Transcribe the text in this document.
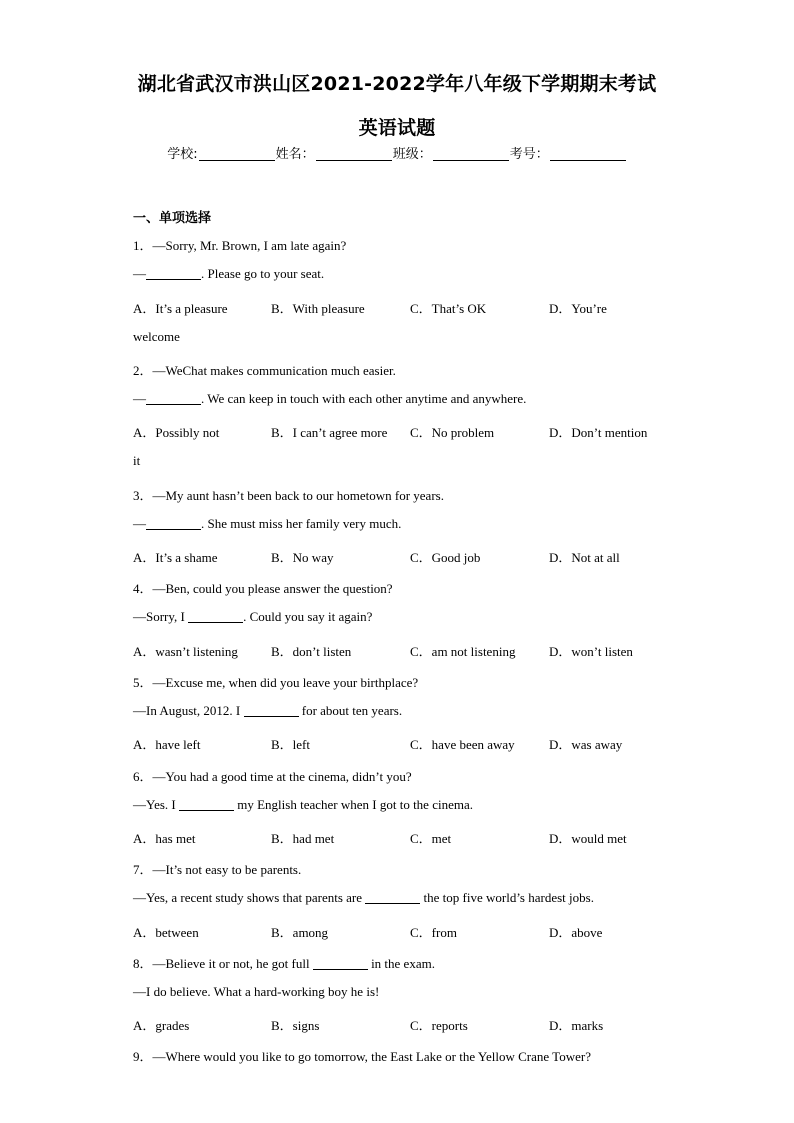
湖北省武汉市洪山区2021-2022学年八年级下学期期末考试
英语试题
学校:	姓名：	班级：	考号：
一、单项选择
1．—Sorry, Mr. Brown, I am late again?
—	. Please go to your seat.
A．It’s a pleasure	B．With pleasure	C．That’s OK	D．You’re
welcome
2．—WeChat makes communication much easier.
—	. We can keep in touch with each other anytime and anywhere.
A．Possibly not	B．I can’t agree more C．No problem	D．Don’t mention
it
3．—My aunt hasn’t been back to our hometown for years.
—	. She must miss her family very much.
A．It’s a shame	B．No way	C．Good job	D．Not at all
4．—Ben, could you please answer the question?
—Sorry, I	. Could you say it again?
A．wasn’t listening	B．don’t listen	C．am not listening	D．won’t listen
5．—Excuse me, when did you leave your birthplace?
—In August, 2012. I	for about ten years.
A．have left	B．left	C．have been away	D．was away
6．—You had a good time at the cinema, didn’t you?
—Yes. I	my English teacher when I got to the cinema.
A．has met	B．had met	C．met	D．would met
7．—It’s not easy to be parents.
—Yes, a recent study shows that parents are	the top five world’s hardest jobs.
A．between	B．among	C．from	D．above
8．—Believe it or not, he got full	in the exam.
—I do believe. What a hard-working boy he is!
A．grades	B．signs	C．reports	D．marks
9．—Where would you like to go tomorrow, the East Lake or the Yellow Crane Tower?
